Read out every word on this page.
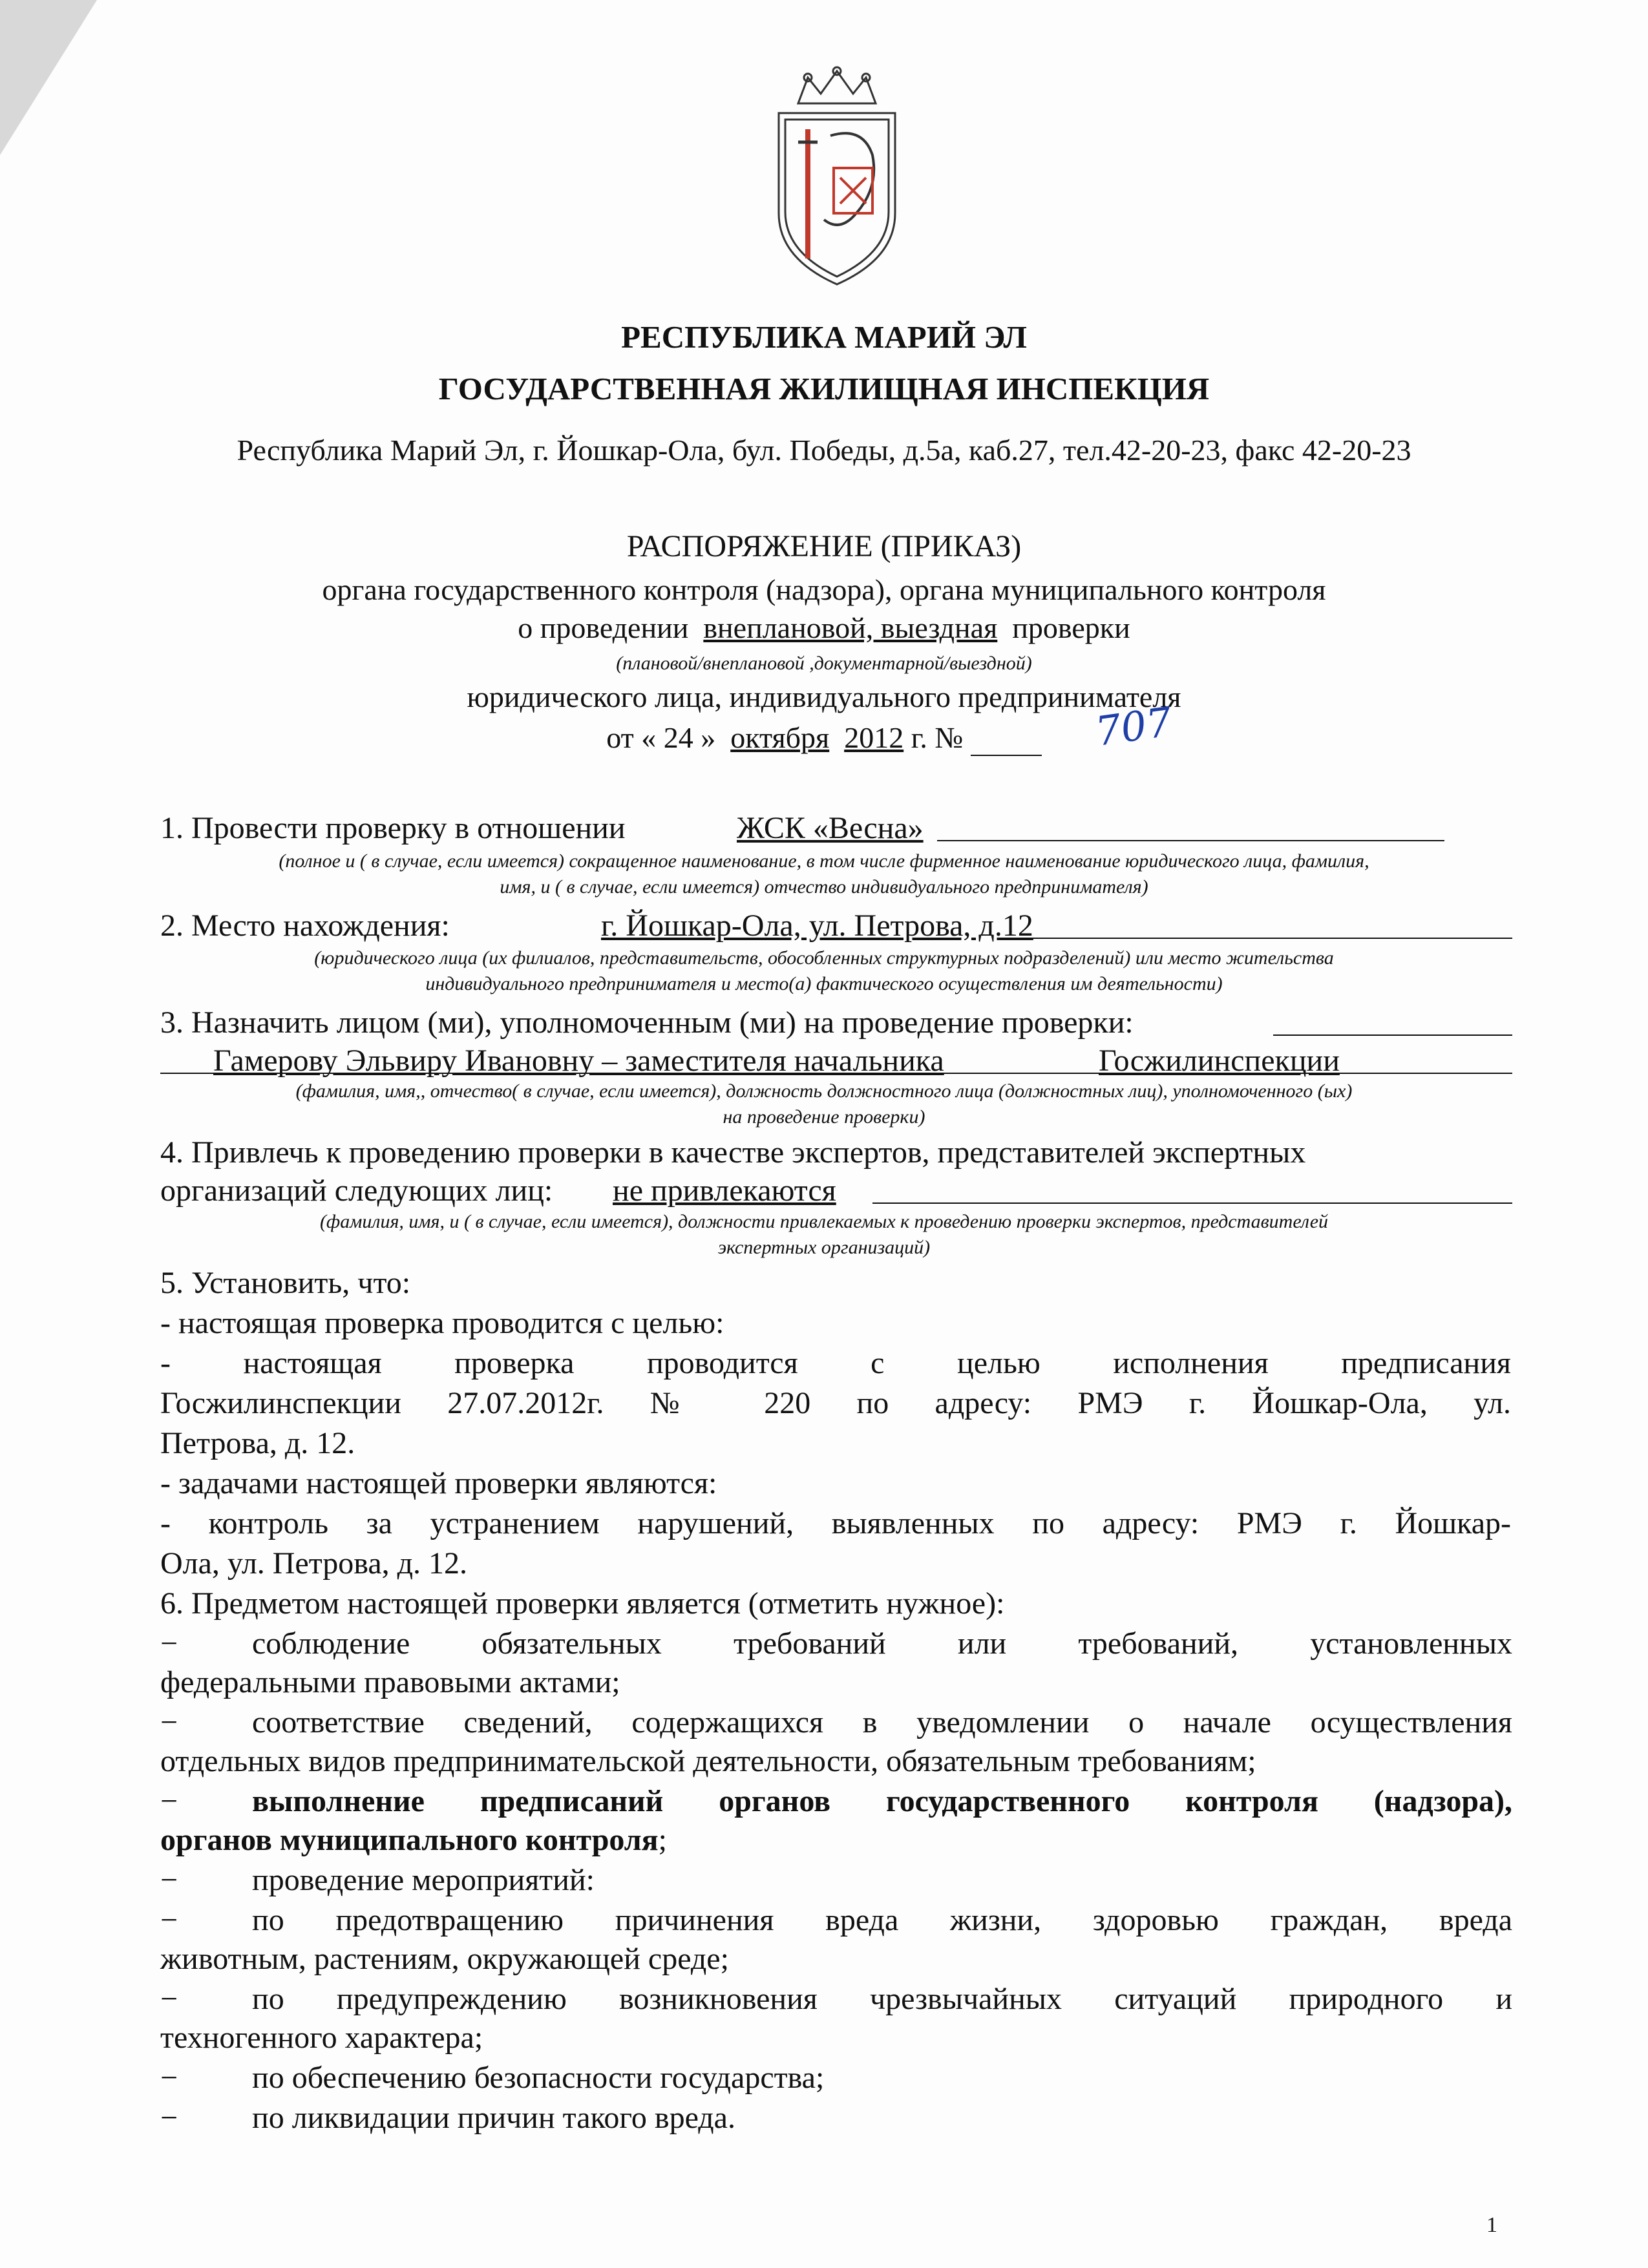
РЕСПУБЛИКА МАРИЙ ЭЛ
ГОСУДАРСТВЕННАЯ ЖИЛИЩНАЯ ИНСПЕКЦИЯ
Республика Марий Эл, г. Йошкар-Ола, бул. Победы, д.5а, каб.27, тел.42-20-23, факс 42-20-23
РАСПОРЯЖЕНИЕ (ПРИКАЗ)
органа государственного контроля (надзора), органа муниципального контроля
о проведении внеплановой, выездная проверки
(плановой/внеплановой ,документарной/выездной)
юридического лица, индивидуального предпринимателя
от « 24 » октября 2012 г. №	707
1. Провести проверку в отношении	ЖСК «Весна»
(полное и ( в случае, если имеется) сокращенное наименование, в том числе фирменное наименование юридического лица, фамилия,
имя, и ( в случае, если имеется) отчество индивидуального предпринимателя)
2. Место нахождения:	г. Йошкар-Ола, ул. Петрова, д.12
(юридического лица (их филиалов, представительств, обособленных структурных подразделений) или место жительства
индивидуального предпринимателя и место(а) фактического осуществления им деятельности)
3. Назначить лицом (ми), уполномоченным (ми) на проведение проверки:
Гамерову Эльвиру Ивановну – заместителя начальника	Госжилинспекции
(фамилия, имя,, отчество( в случае, если имеется), должность должностного лица (должностных лиц), уполномоченного (ых)
на проведение проверки)
4. Привлечь к проведению проверки в качестве экспертов, представителей экспертных
организаций следующих лиц: не привлекаются
(фамилия, имя, и ( в случае, если имеется), должности привлекаемых к проведению проверки экспертов, представителей
экспертных организаций)
5. Установить, что:
- настоящая проверка проводится с целью:
- настоящая проверка проводится с целью исполнения предписания
Госжилинспекции 27.07.2012г. № 220 по адресу: РМЭ г. Йошкар-Ола, ул.
Петрова, д. 12.
- задачами настоящей проверки являются:
- контроль за устранением нарушений, выявленных по адресу: РМЭ г. Йошкар-
Ола, ул. Петрова, д. 12.
6. Предметом настоящей проверки является (отметить нужное):
− соблюдение обязательных требований или требований, установленных
федеральными правовыми актами;
− соответствие сведений, содержащихся в уведомлении о начале осуществления
отдельных видов предпринимательской деятельности, обязательным требованиям;
− выполнение предписаний органов государственного контроля (надзора),
органов муниципального контроля;
− проведение мероприятий:
− по предотвращению причинения вреда жизни, здоровью граждан, вреда
животным, растениям, окружающей среде;
− по предупреждению возникновения чрезвычайных ситуаций природного и
техногенного характера;
− по обеспечению безопасности государства;
− по ликвидации причин такого вреда.
1
